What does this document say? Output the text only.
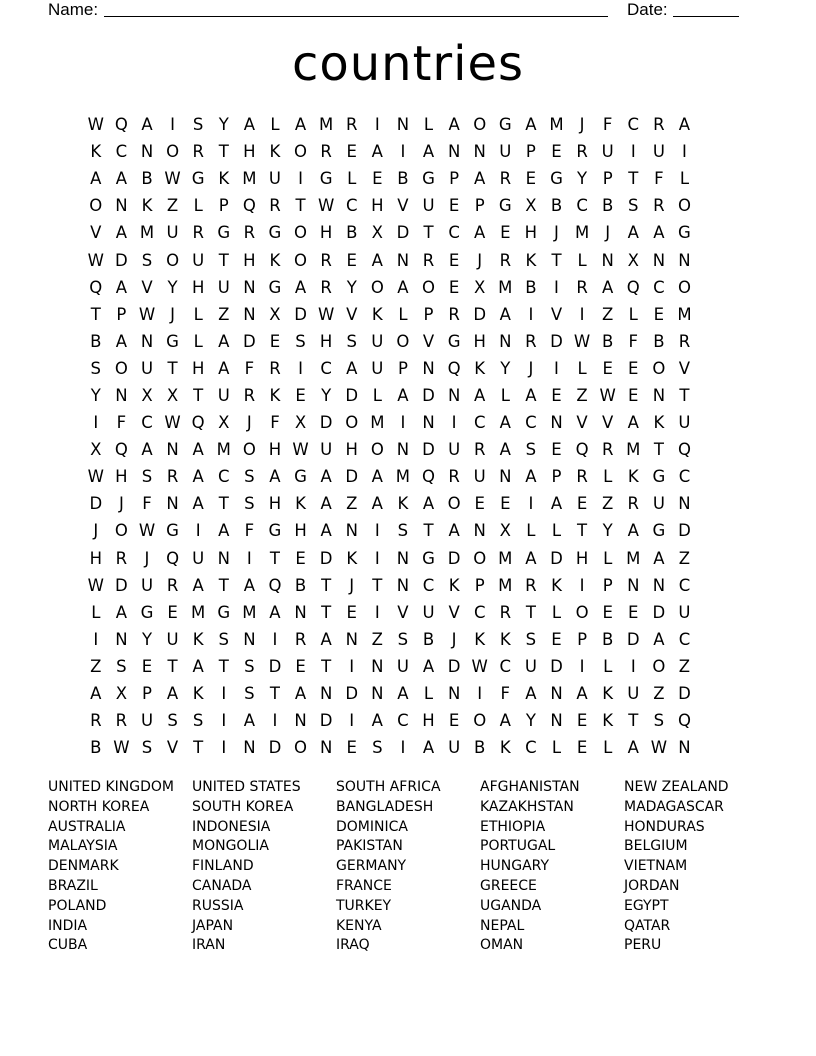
Name:	Date:
countries
W Q A	I	S Y A L A M R	I	N L A O G A M J	F C R A
K C N O R T H K O R E A	I	A N N U P E R U	I	U	I
A A B W G K M U	I	G L E B G P A R E G Y P T F L
O N K Z L P Q R T W C H V U E P G X B C B S R O
V A M U R G R G O H B X D T C A E H	J M J	A A G
W D S O U T H K O R E A N R E	J	R K T L N X N N
Q A V Y H U N G A R Y O A O E X M B	I	R A Q C O
T P W J	L Z N X D W V K L P R D A	I	V	I	Z L E M
B A N G L A D E S H S U O V G H N R D W B F B R
S O U T H A F R	I	C A U P N Q K Y	J	I	L E E O V
Y N X X T U R K E Y D L A D N A L A E Z W E N T
I	F C W Q X	J	F X D O M I	N	I	C A C N V V A K U
X Q A N A M O H W U H O N D U R A S E Q R M T Q
W H S R A C S A G A D A M Q R U N A P R L K G C
D	J	F N A T S H K A Z A K A O E E	I	A E Z R U N
J	O W G	I	A F G H A N	I	S T A N X L L T Y A G D
H R	J	Q U N	I	T E D K	I	N G D O M A D H L M A Z
W D U R A T A Q B T	J	T N C K P M R K	I	P N N C
L A G E M G M A N T E	I	V U V C R T L O E E D U
I	N Y U K S N	I	R A N Z S B	J	K K S E P B D A C
Z S E T A T S D E T	I	N U A D W C U D	I	L	I	O Z
A X P A K	I	S T A N D N A L N	I	F A N A K U Z D
R R U S S	I	A	I	N D	I	A C H E O A Y N E K T S Q
B W S V T	I	N D O N E S	I	A U B K C L E L A W N
UNITED KINGDOM
NORTH KOREA
AUSTRALIA
MALAYSIA
DENMARK
BRAZIL
POLAND
INDIA
CUBA
UNITED STATES
SOUTH KOREA
INDONESIA
MONGOLIA
FINLAND
CANADA
RUSSIA
JAPAN
IRAN
SOUTH AFRICA
BANGLADESH
DOMINICA
PAKISTAN
GERMANY
FRANCE
TURKEY
KENYA
IRAQ
AFGHANISTAN
KAZAKHSTAN
ETHIOPIA
PORTUGAL
HUNGARY
GREECE
UGANDA
NEPAL
OMAN
NEW ZEALAND
MADAGASCAR
HONDURAS
BELGIUM
VIETNAM
JORDAN
EGYPT
QATAR
PERU
